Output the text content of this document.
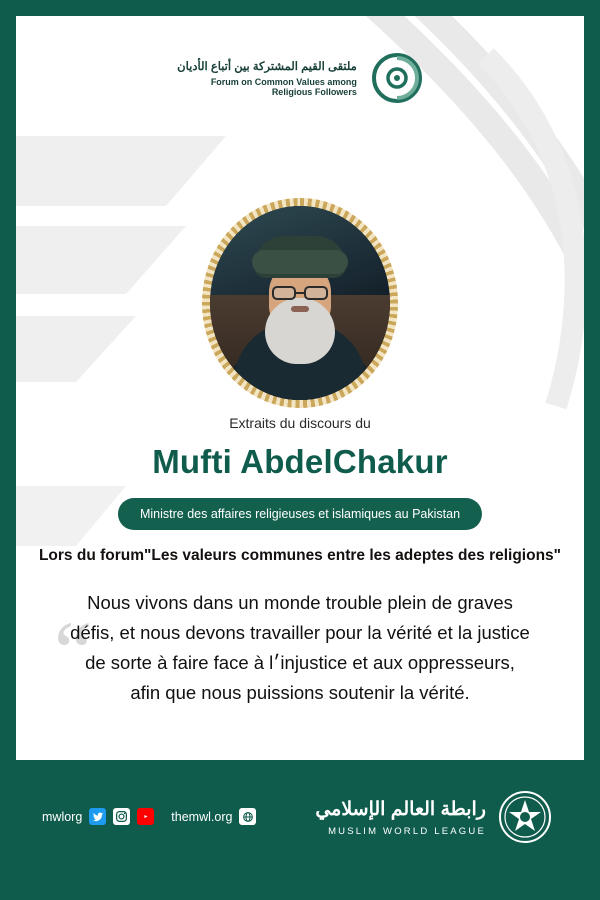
ملتقى القيم المشتركة بين أتباع الأديان
Forum on Common Values among
Religious Followers
Extraits du discours du
Mufti AbdelChakur
Ministre des affaires religieuses et islamiques au Pakistan
Lors du forum"Les valeurs communes entre les adeptes des religions"
“
Nous vivons dans un monde trouble plein de graves défis, et nous devons travailler pour la vérité et la justice de sorte à faire face à l׳injustice et aux oppresseurs, afin que nous puissions soutenir la vérité.
mwlorg	themwl.org	رابطة العالم الإسلامي
MUSLIM WORLD LEAGUE
